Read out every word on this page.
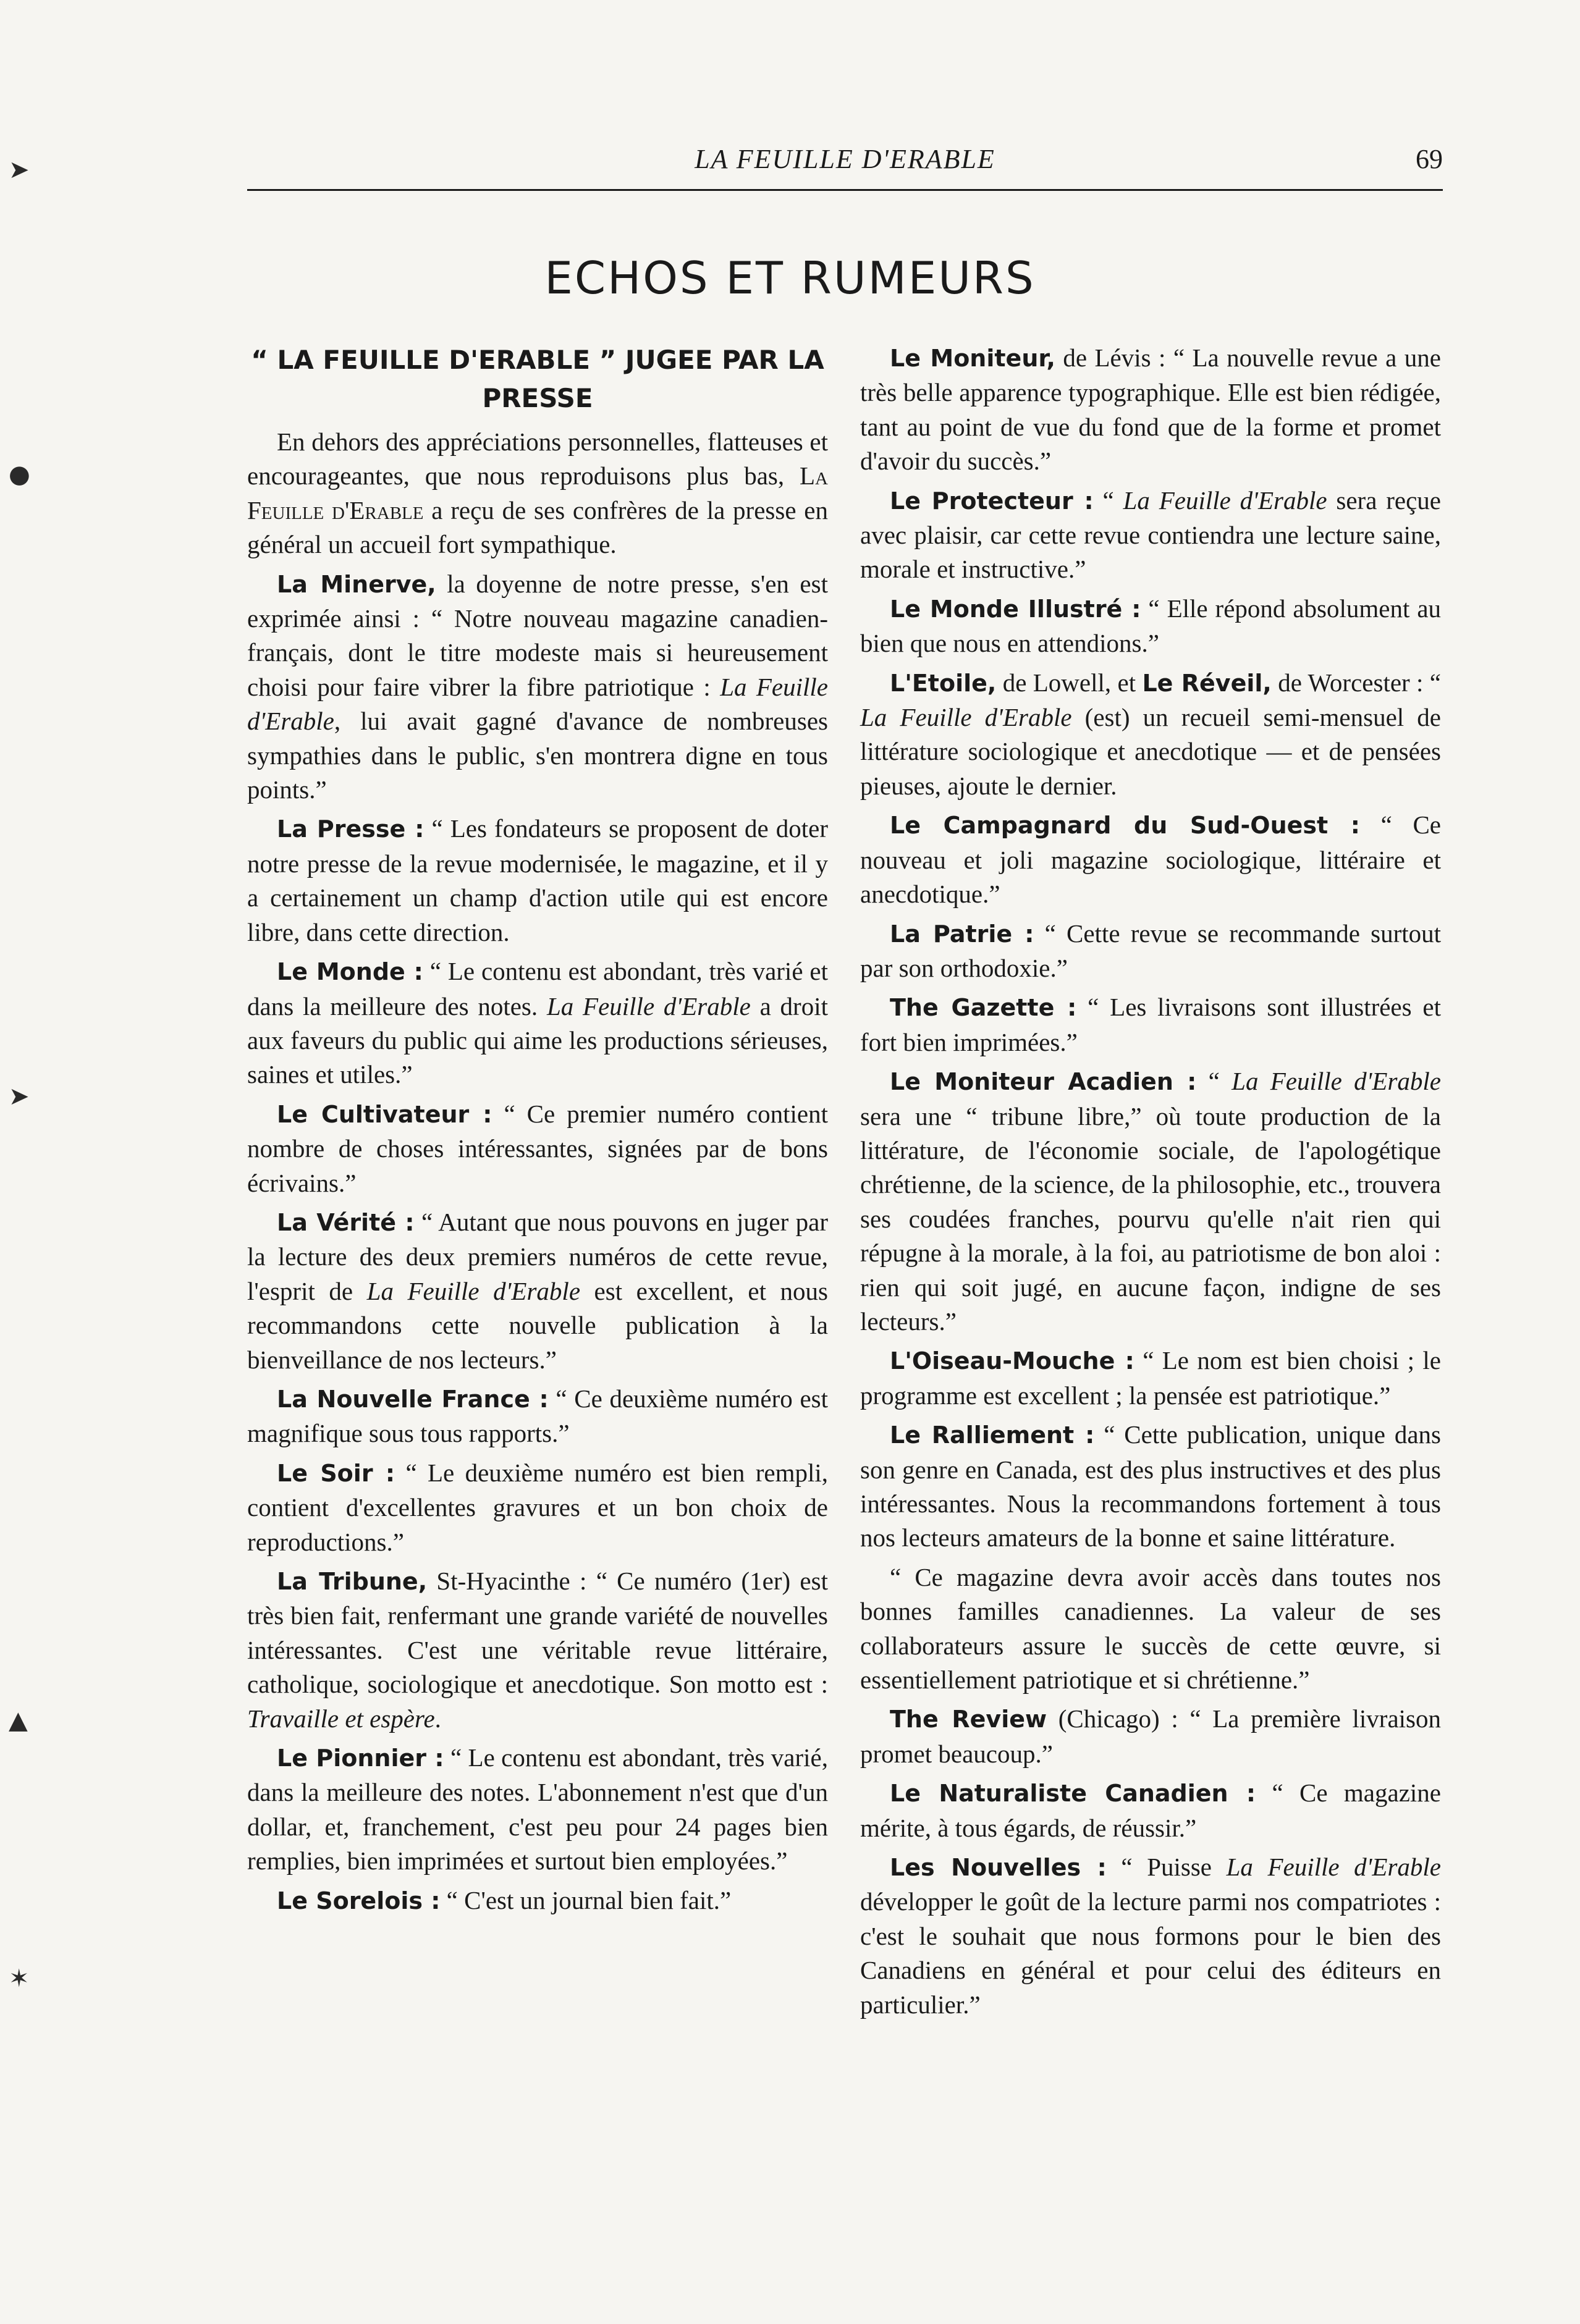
LA FEUILLE D'ERABLE	69
➤
●
➤
▲
✶
ECHOS ET RUMEURS
“ LA FEUILLE D'ERABLE ” JUGEE PAR LA PRESSE

En dehors des appréciations personnelles, flatteuses et encourageantes, que nous reproduisons plus bas, La Feuille d'Erable a reçu de ses confrères de la presse en général un accueil fort sympathique.

La Minerve, la doyenne de notre presse, s'en est exprimée ainsi : “ Notre nouveau magazine canadien-français, dont le titre modeste mais si heureusement choisi pour faire vibrer la fibre patriotique : La Feuille d'Erable, lui avait gagné d'avance de nombreuses sympathies dans le public, s'en montrera digne en tous points.”

La Presse : “ Les fondateurs se proposent de doter notre presse de la revue modernisée, le magazine, et il y a certainement un champ d'action utile qui est encore libre, dans cette direction.

Le Monde : “ Le contenu est abondant, très varié et dans la meilleure des notes. La Feuille d'Erable a droit aux faveurs du public qui aime les productions sérieuses, saines et utiles.”

Le Cultivateur : “ Ce premier numéro contient nombre de choses intéressantes, signées par de bons écrivains.”

La Vérité : “ Autant que nous pouvons en juger par la lecture des deux premiers numéros de cette revue, l'esprit de La Feuille d'Erable est excellent, et nous recommandons cette nouvelle publication à la bienveillance de nos lecteurs.”

La Nouvelle France : “ Ce deuxième numéro est magnifique sous tous rapports.”

Le Soir : “ Le deuxième numéro est bien rempli, contient d'excellentes gravures et un bon choix de reproductions.”

La Tribune, St-Hyacinthe : “ Ce numéro (1er) est très bien fait, renfermant une grande variété de nouvelles intéressantes. C'est une véritable revue littéraire, catholique, sociologique et anecdotique. Son motto est : Travaille et espère.

Le Pionnier : “ Le contenu est abondant, très varié, dans la meilleure des notes. L'abonnement n'est que d'un dollar, et, franchement, c'est peu pour 24 pages bien remplies, bien imprimées et surtout bien employées.”

Le Sorelois : “ C'est un journal bien fait.”

Le Moniteur, de Lévis : “ La nouvelle revue a une très belle apparence typographique. Elle est bien rédigée, tant au point de vue du fond que de la forme et promet d'avoir du succès.”

Le Protecteur : “ La Feuille d'Erable sera reçue avec plaisir, car cette revue contiendra une lecture saine, morale et instructive.”

Le Monde Illustré : “ Elle répond absolument au bien que nous en attendions.”

L'Etoile, de Lowell, et Le Réveil, de Worcester : “ La Feuille d'Erable (est) un recueil semi-mensuel de littérature sociologique et anecdotique — et de pensées pieuses, ajoute le dernier.

Le Campagnard du Sud-Ouest : “ Ce nouveau et joli magazine sociologique, littéraire et anecdotique.”

La Patrie : “ Cette revue se recommande surtout par son orthodoxie.”

The Gazette : “ Les livraisons sont illustrées et fort bien imprimées.”

Le Moniteur Acadien : “ La Feuille d'Erable sera une “ tribune libre,” où toute production de la littérature, de l'économie sociale, de l'apologétique chrétienne, de la science, de la philosophie, etc., trouvera ses coudées franches, pourvu qu'elle n'ait rien qui répugne à la morale, à la foi, au patriotisme de bon aloi : rien qui soit jugé, en aucune façon, indigne de ses lecteurs.”

L'Oiseau-Mouche : “ Le nom est bien choisi ; le programme est excellent ; la pensée est patriotique.”

Le Ralliement : “ Cette publication, unique dans son genre en Canada, est des plus instructives et des plus intéressantes. Nous la recommandons fortement à tous nos lecteurs amateurs de la bonne et saine littérature.

“ Ce magazine devra avoir accès dans toutes nos bonnes familles canadiennes. La valeur de ses collaborateurs assure le succès de cette œuvre, si essentiellement patriotique et si chrétienne.”

The Review (Chicago) : “ La première livraison promet beaucoup.”

Le Naturaliste Canadien : “ Ce magazine mérite, à tous égards, de réussir.”

Les Nouvelles : “ Puisse La Feuille d'Erable développer le goût de la lecture parmi nos compatriotes : c'est le souhait que nous formons pour le bien des Canadiens en général et pour celui des éditeurs en particulier.”
